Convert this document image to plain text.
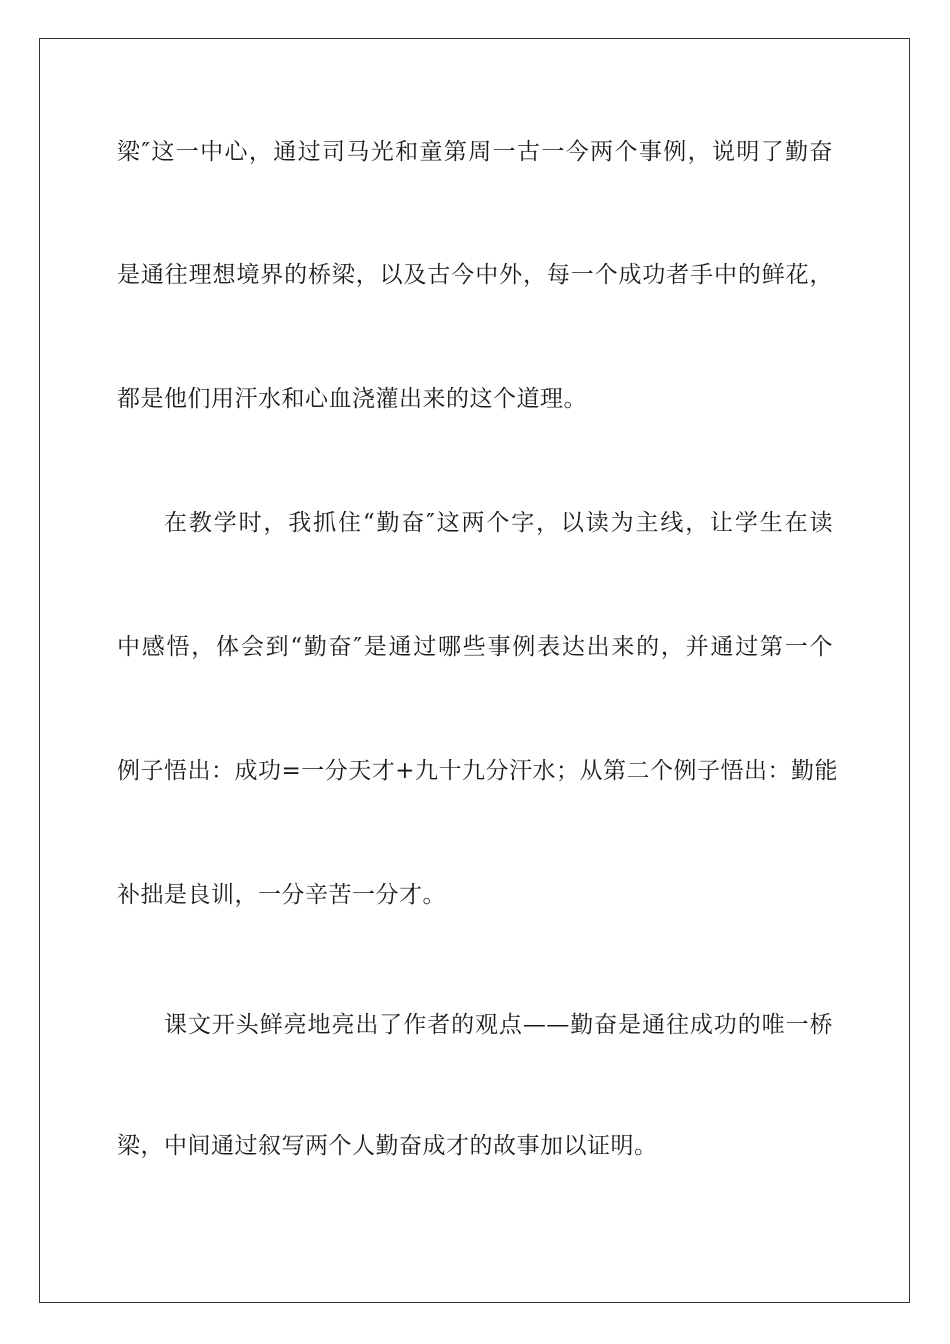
梁″这一中心，通过司马光和童第周一古一今两个事例，说明了勤奋
是通往理想境界的桥梁，以及古今中外，每一个成功者手中的鲜花，
都是他们用汗水和心血浇灌出来的这个道理。
在教学时，我抓住“勤奋″这两个字，以读为主线，让学生在读
中感悟，体会到“勤奋″是通过哪些事例表达出来的，并通过第一个
例子悟出：成功=一分天才+九十九分汗水；从第二个例子悟出：勤能
补拙是良训，一分辛苦一分才。
课文开头鲜亮地亮出了作者的观点——勤奋是通往成功的唯一桥
梁，中间通过叙写两个人勤奋成才的故事加以证明。
